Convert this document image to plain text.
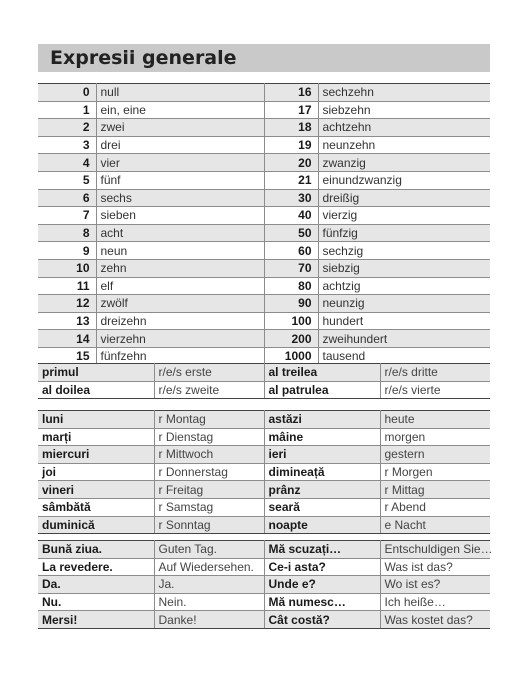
Expresii generale
0	null	16	sechzehn
1	ein, eine	17	siebzehn
2	zwei	18	achtzehn
3	drei	19	neunzehn
4	vier	20	zwanzig
5	fünf	21	einundzwanzig
6	sechs	30	dreißig
7	sieben	40	vierzig
8	acht	50	fünfzig
9	neun	60	sechzig
10	zehn	70	siebzig
11	elf	80	achtzig
12	zwölf	90	neunzig
13	dreizehn	100	hundert
14	vierzehn	200	zweihundert
15	fünfzehn	1000	tausend
primul	r/e/s erste	al treilea	r/e/s dritte
al doilea	r/e/s zweite	al patrulea	r/e/s vierte
luni	r Montag	astăzi	heute
marți	r Dienstag	mâine	morgen
miercuri	r Mittwoch	ieri	gestern
joi	r Donnerstag	dimineață	r Morgen
vineri	r Freitag	prânz	r Mittag
sâmbătă	r Samstag	seară	r Abend
duminică	r Sonntag	noapte	e Nacht
Bună ziua.	Guten Tag.	Mă scuzați…	Entschuldigen Sie…
La revedere.	Auf Wiedersehen.	Ce-i asta?	Was ist das?
Da.	Ja.	Unde e?	Wo ist es?
Nu.	Nein.	Mă numesc…	Ich heiße…
Mersi!	Danke!	Cât costă?	Was kostet das?
